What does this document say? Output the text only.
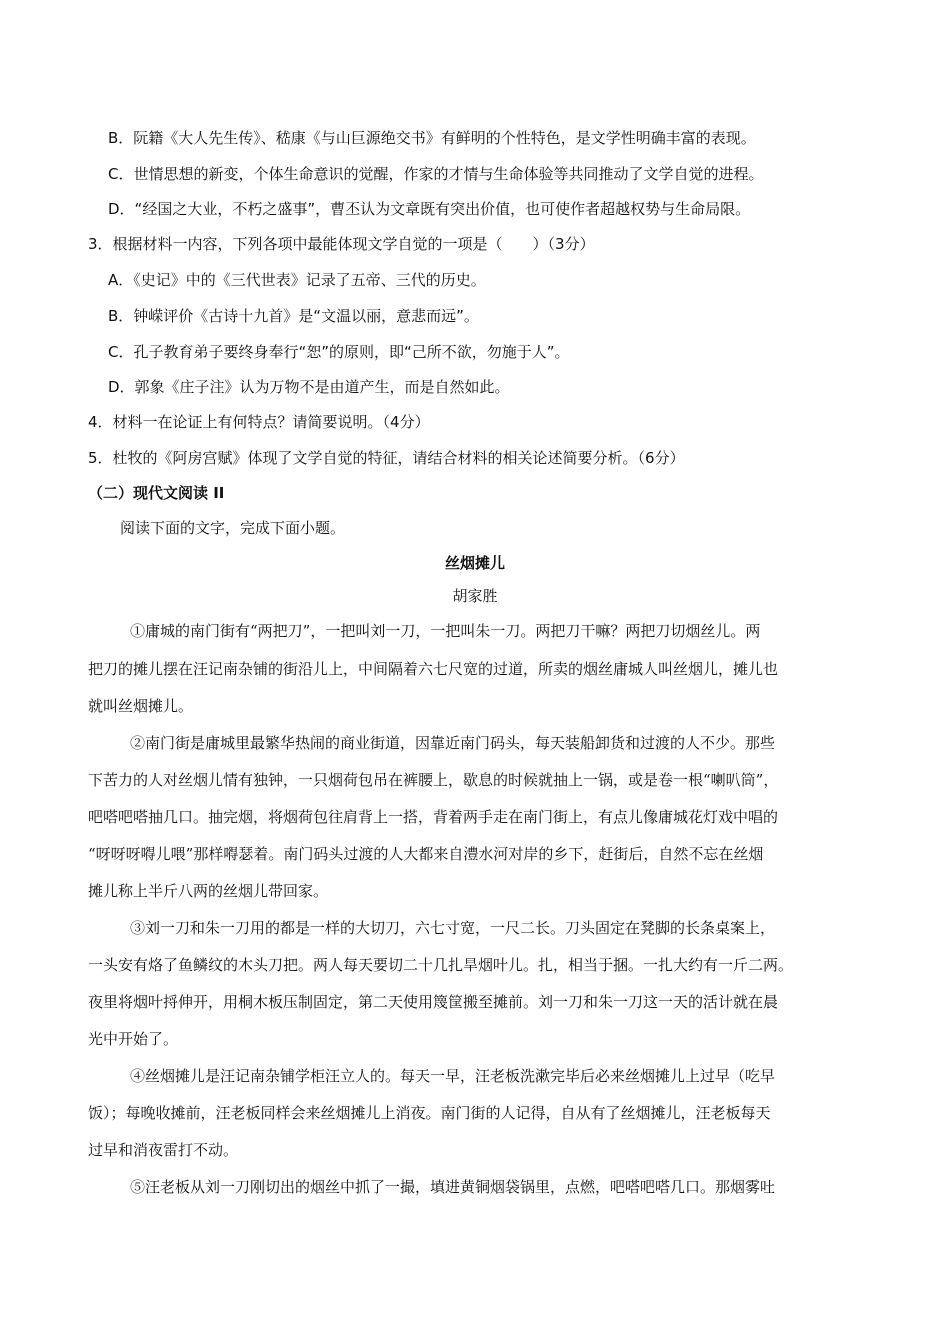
B．阮籍《大人先生传》、嵇康《与山巨源绝交书》有鲜明的个性特色，是文学性明确丰富的表现。
C．世情思想的新变，个体生命意识的觉醒，作家的才情与生命体验等共同推动了文学自觉的进程。
D．“经国之大业，不朽之盛事”，曹丕认为文章既有突出价值，也可使作者超越权势与生命局限。
3．根据材料一内容，下列各项中最能体现文学自觉的一项是（　　）（3分）
A．《史记》中的《三代世表》记录了五帝、三代的历史。
B．钟嵘评价《古诗十九首》是“文温以丽，意悲而远”。
C．孔子教育弟子要终身奉行“恕”的原则，即“己所不欲，勿施于人”。
D．郭象《庄子注》认为万物不是由道产生，而是自然如此。
4．材料一在论证上有何特点？请简要说明。（4分）
5．杜牧的《阿房宫赋》体现了文学自觉的特征，请结合材料的相关论述简要分析。（6分）
（二）现代文阅读 II
阅读下面的文字，完成下面小题。
丝烟摊儿
胡家胜
①庸城的南门街有“两把刀”，一把叫刘一刀，一把叫朱一刀。两把刀干嘛？两把刀切烟丝儿。两
把刀的摊儿摆在汪记南杂铺的街沿儿上，中间隔着六七尺宽的过道，所卖的烟丝庸城人叫丝烟儿，摊儿也
就叫丝烟摊儿。
②南门街是庸城里最繁华热闹的商业街道，因靠近南门码头，每天装船卸货和过渡的人不少。那些
下苦力的人对丝烟儿情有独钟，一只烟荷包吊在裤腰上，歇息的时候就抽上一锅，或是卷一根“喇叭筒”，
吧嗒吧嗒抽几口。抽完烟，将烟荷包往肩背上一搭，背着两手走在南门街上，有点儿像庸城花灯戏中唱的
“呀呀呀嘚儿喂”那样嘚瑟着。南门码头过渡的人大都来自澧水河对岸的乡下，赶街后，自然不忘在丝烟
摊儿称上半斤八两的丝烟儿带回家。
③刘一刀和朱一刀用的都是一样的大切刀，六七寸宽，一尺二长。刀头固定在凳脚的长条桌案上，
一头安有烙了鱼鳞纹的木头刀把。两人每天要切二十几扎旱烟叶儿。扎，相当于捆。一扎大约有一斤二两。
夜里将烟叶捋伸开，用桐木板压制固定，第二天使用篾筐搬至摊前。刘一刀和朱一刀这一天的活计就在晨
光中开始了。
④丝烟摊儿是汪记南杂铺学柜汪立人的。每天一早，汪老板洗漱完毕后必来丝烟摊儿上过早（吃早
饭）；每晚收摊前，汪老板同样会来丝烟摊儿上消夜。南门街的人记得，自从有了丝烟摊儿，汪老板每天
过早和消夜雷打不动。
⑤汪老板从刘一刀刚切出的烟丝中抓了一撮，填进黄铜烟袋锅里，点燃，吧嗒吧嗒几口。那烟雾吐
